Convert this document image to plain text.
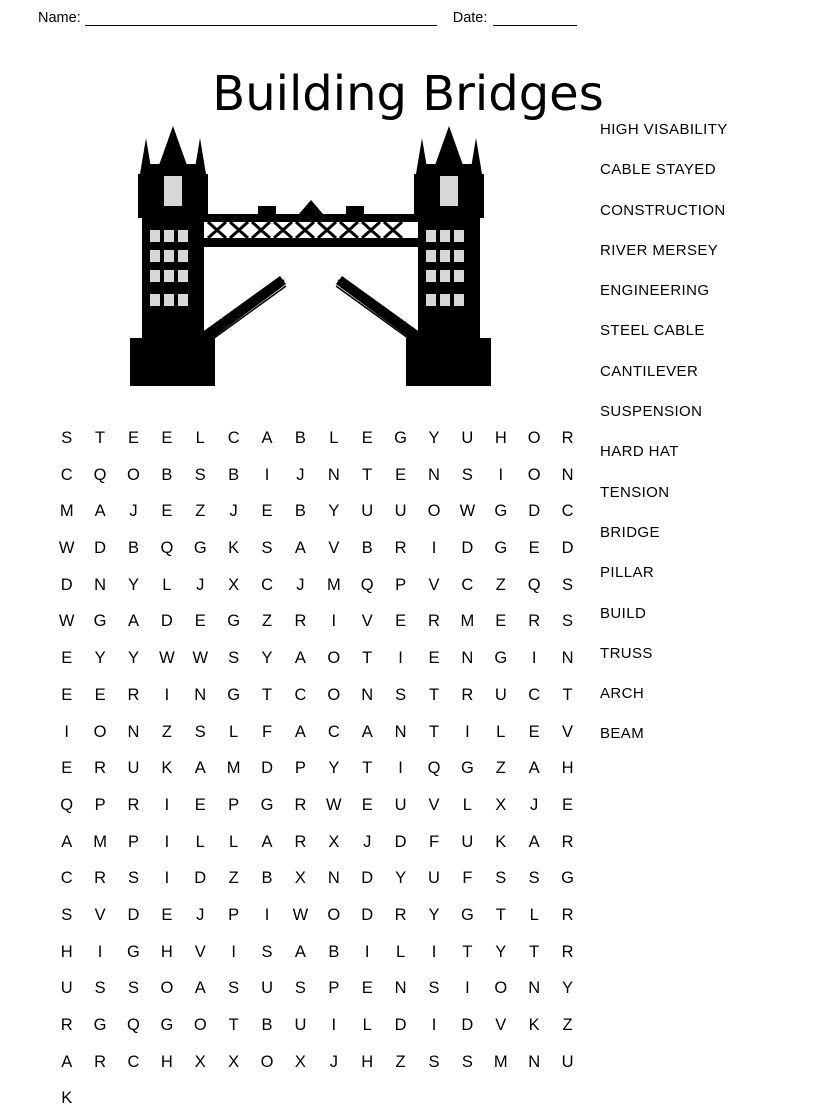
Name:	Date:
Building Bridges
HIGH VISABILITY
CABLE STAYED
CONSTRUCTION
RIVER MERSEY
ENGINEERING
STEEL CABLE
CANTILEVER
SUSPENSION
HARD HAT
TENSION
BRIDGE
PILLAR
BUILD
TRUSS
ARCH
BEAM
S	T	E	E	L	C	A	B	L	E	G	Y	U	H	O	R
C	Q	O	B	S	B	I	J	N	T	E	N	S	I	O	N
M	A	J	E	Z	J	E	B	Y	U	U	O	W	G	D	C
W	D	B	Q	G	K	S	A	V	B	R	I	D	G	E	D
D	N	Y	L	J	X	C	J	M	Q	P	V	C	Z	Q	S
W	G	A	D	E	G	Z	R	I	V	E	R	M	E	R	S
E	Y	Y	W	W	S	Y	A	O	T	I	E	N	G	I	N
E	E	R	I	N	G	T	C	O	N	S	T	R	U	C	T
I	O	N	Z	S	L	F	A	C	A	N	T	I	L	E	V
E	R	U	K	A	M	D	P	Y	T	I	Q	G	Z	A	H
Q	P	R	I	E	P	G	R	W	E	U	V	L	X	J	E
A	M	P	I	L	L	A	R	X	J	D	F	U	K	A	R
C	R	S	I	D	Z	B	X	N	D	Y	U	F	S	S	G
S	V	D	E	J	P	I	W	O	D	R	Y	G	T	L	R
H	I	G	H	V	I	S	A	B	I	L	I	T	Y	T	R
U	S	S	O	A	S	U	S	P	E	N	S	I	O	N	Y
R	G	Q	G	O	T	B	U	I	L	D	I	D	V	K	Z
A	R	C	H	X	X	O	X	J	H	Z	S	S	M	N	U
K
